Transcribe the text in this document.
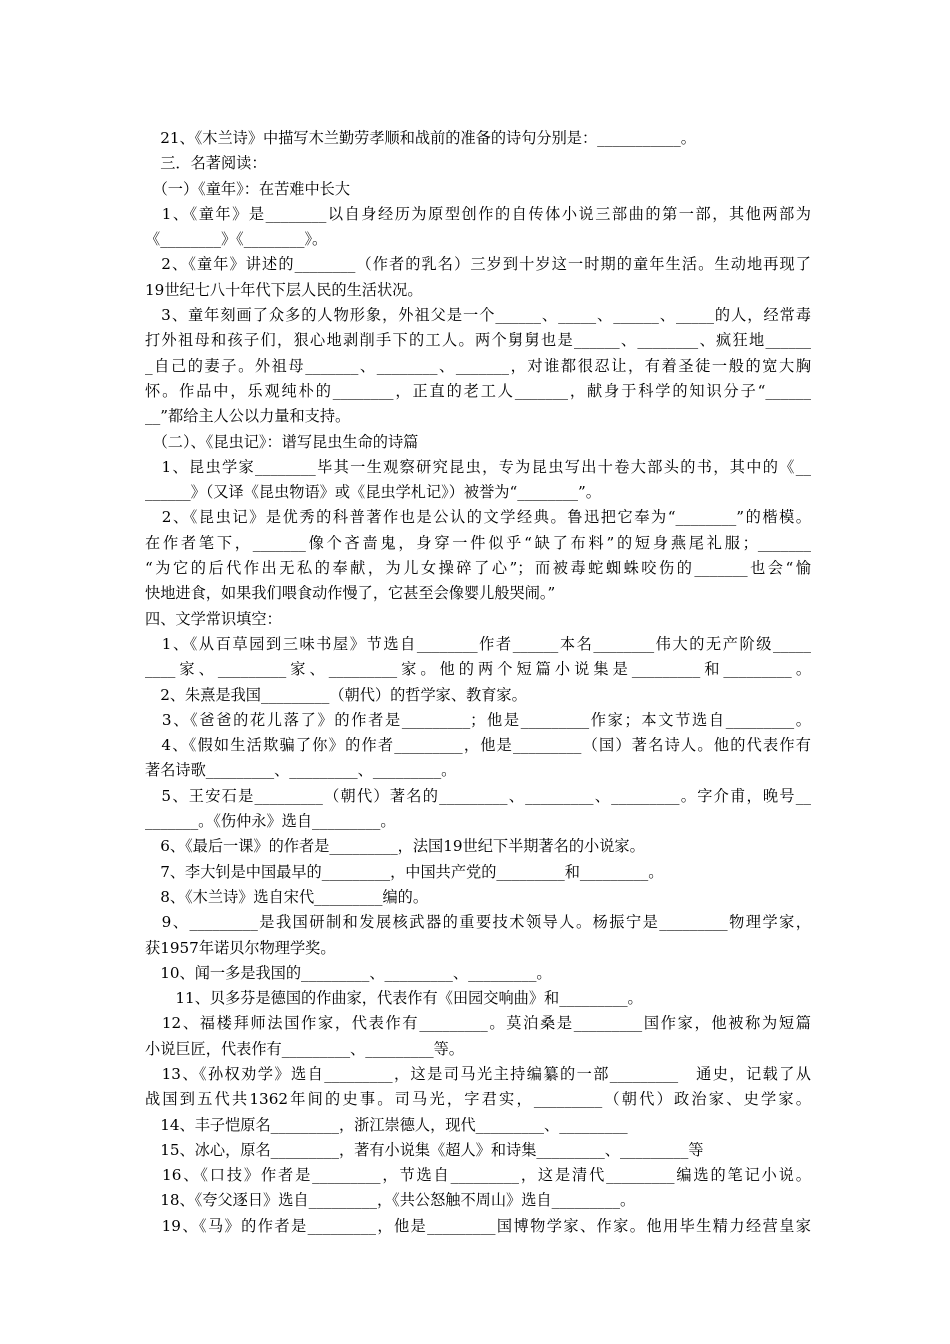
　21、《木兰诗》中描写木兰勤劳孝顺和战前的准备的诗句分别是：___________。
　三．名著阅读：
　（一）《童年》：在苦难中长大
　1、《童年》是________以自身经历为原型创作的自传体小说三部曲的第一部，其他两部为
《________》《________》。
　2、《童年》讲述的________（作者的乳名）三岁到十岁这一时期的童年生活。生动地再现了
19世纪七八十年代下层人民的生活状况。
　3、童年刻画了众多的人物形象，外祖父是一个______、_____、______、_____的人，经常毒
打外祖母和孩子们，狠心地剥削手下的工人。两个舅舅也是______、________、疯狂地______
_自己的妻子。外祖母_______、________、_______，对谁都很忍让，有着圣徒一般的宽大胸
怀。作品中，乐观纯朴的________，正直的老工人_______，献身于科学的知识分子“______
__”都给主人公以力量和支持。
　（二）、《昆虫记》：谱写昆虫生命的诗篇
　1、昆虫学家________毕其一生观察研究昆虫，专为昆虫写出十卷大部头的书，其中的《__
______》（又译《昆虫物语》或《昆虫学札记》）被誉为“________”。
　2、《昆虫记》是优秀的科普著作也是公认的文学经典。鲁迅把它奉为“________”的楷模。
在作者笔下，_______像个吝啬鬼，身穿一件似乎“缺了布料”的短身燕尾礼服；_______
“为它的后代作出无私的奉献，为儿女操碎了心”；而被毒蛇蜘蛛咬伤的_______也会“愉
快地进食，如果我们喂食动作慢了，它甚至会像婴儿般哭闹。”
四、文学常识填空：
　1、《从百草园到三味书屋》节选自________作者______本名________伟大的无产阶级_____
____家、_________家、_________家。他的两个短篇小说集是_________和_________。
　2、朱熹是我国_________（朝代）的哲学家、教育家。
　3、《爸爸的花儿落了》的作者是_________；他是_________作家；本文节选自_________。
　4、《假如生活欺骗了你》的作者_________，他是_________（国）著名诗人。他的代表作有
著名诗歌_________、_________、_________。
　5、王安石是_________（朝代）著名的_________、_________、_________。字介甫，晚号__
_______。《伤仲永》选自_________。
　6、《最后一课》的作者是_________，法国19世纪下半期著名的小说家。
　7、李大钊是中国最早的_________，中国共产党的_________和_________。
　8、《木兰诗》选自宋代_________编的。
　9、_________是我国研制和发展核武器的重要技术领导人。杨振宁是_________物理学家，
获1957年诺贝尔物理学奖。
　10、闻一多是我国的_________、_________、_________。
　　11、贝多芬是德国的作曲家，代表作有《田园交响曲》和_________。
　12、福楼拜师法国作家，代表作有_________。莫泊桑是_________国作家，他被称为短篇
小说巨匠，代表作有_________、_________等。
　13、《孙权劝学》选自_________，这是司马光主持编纂的一部_________　通史，记载了从
战国到五代共1362年间的史事。司马光，字君实，_________（朝代）政治家、史学家。
　14、丰子恺原名_________，浙江崇德人，现代_________、_________
　15、冰心，原名_________，著有小说集《超人》和诗集_________、_________等
　16、《口技》作者是_________，节选自_________，这是清代_________编选的笔记小说。
　18、《夸父逐日》选自_________，《共公怒触不周山》选自_________。
　19、《马》的作者是_________，他是_________国博物学家、作家。他用毕生精力经营皇家
